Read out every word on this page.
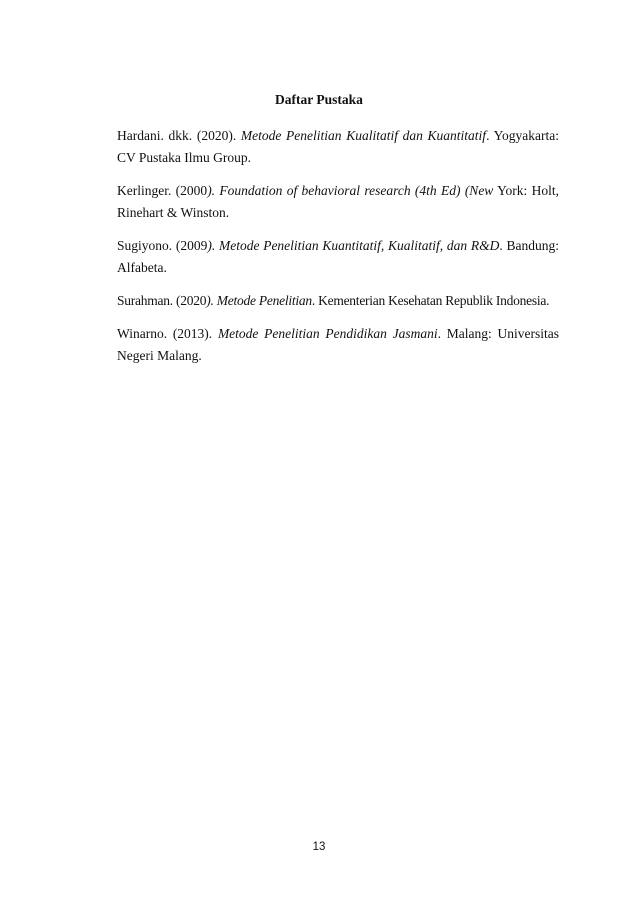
Daftar Pustaka

Hardani. dkk. (2020). Metode Penelitian Kualitatif dan Kuantitatif. Yogyakarta: CV Pustaka Ilmu Group.

Kerlinger. (2000). Foundation of behavioral research (4th Ed) (New York: Holt, Rinehart & Winston.

Sugiyono. (2009). Metode Penelitian Kuantitatif, Kualitatif, dan R&D. Bandung: Alfabeta.

Surahman. (2020). Metode Penelitian. Kementerian Kesehatan Republik Indonesia.

Winarno. (2013). Metode Penelitian Pendidikan Jasmani. Malang: Universitas Negeri Malang.

13
